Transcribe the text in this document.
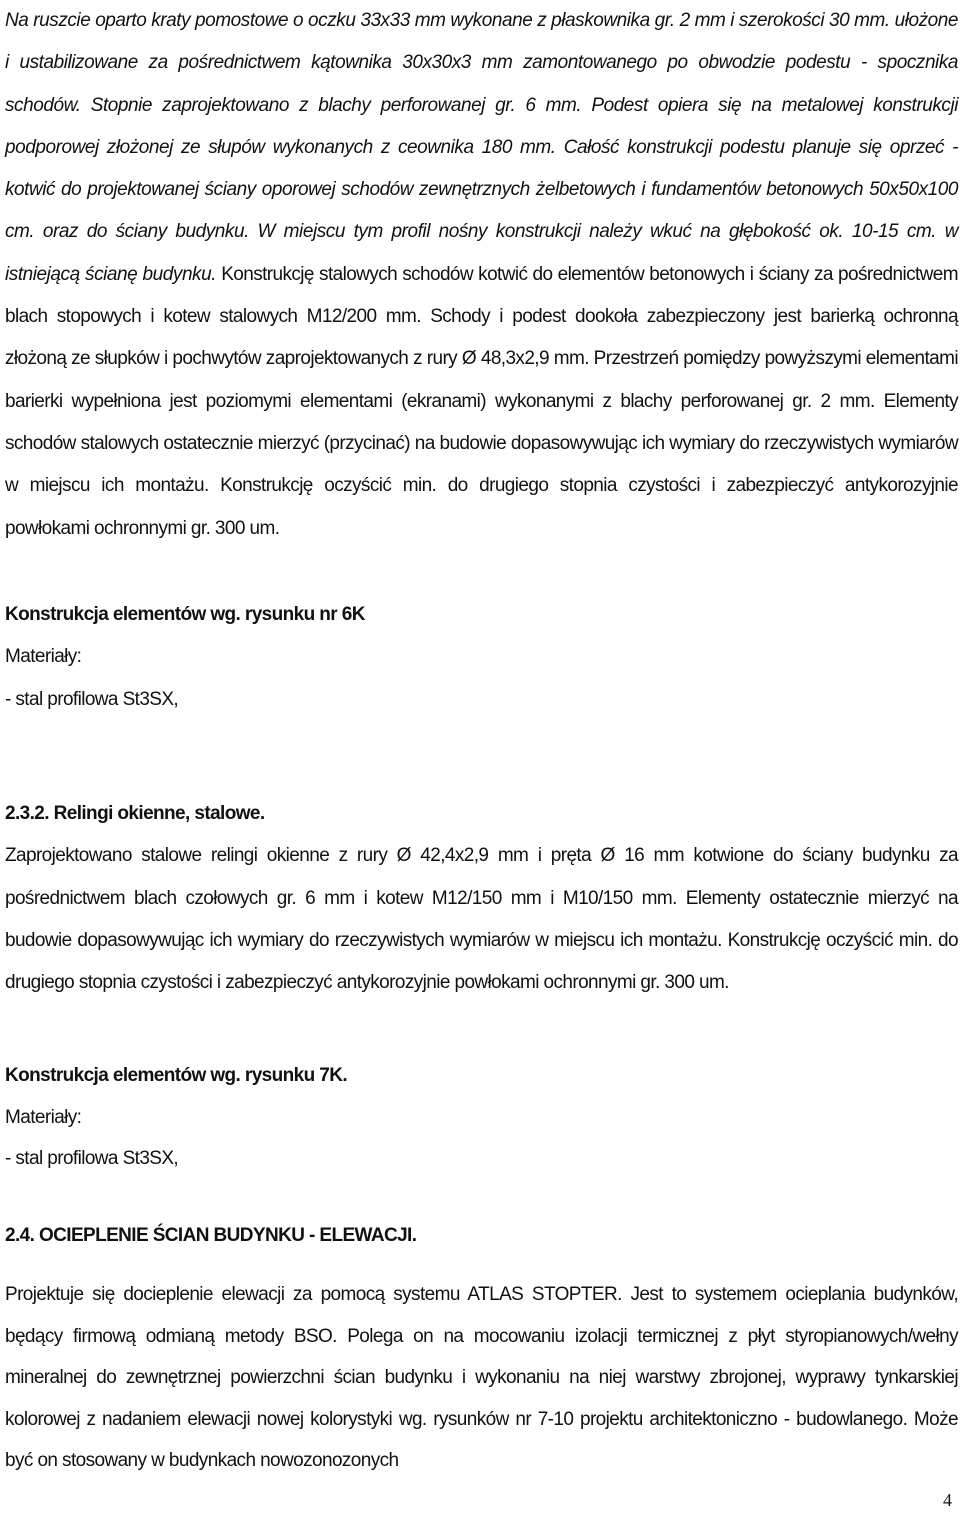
Na ruszcie oparto kraty pomostowe o oczku 33x33 mm wykonane z płaskownika gr. 2 mm i szerokości 30 mm. ułożone i ustabilizowane za pośrednictwem kątownika 30x30x3 mm zamontowanego po obwodzie podestu - spocznika schodów. Stopnie zaprojektowano z blachy perforowanej gr. 6 mm. Podest opiera się na metalowej konstrukcji podporowej złożonej ze słupów wykonanych z ceownika 180 mm. Całość konstrukcji podestu planuje się oprzeć - kotwić do projektowanej ściany oporowej schodów zewnętrznych żelbetowych i fundamentów betonowych 50x50x100 cm. oraz do ściany budynku. W miejscu tym profil nośny konstrukcji należy wkuć na głębokość ok. 10-15 cm. w istniejącą ścianę budynku. Konstrukcję stalowych schodów kotwić do elementów betonowych i ściany za pośrednictwem blach stopowych i kotew stalowych M12/200 mm. Schody i podest dookoła zabezpieczony jest barierką ochronną złożoną ze słupków i pochwytów zaprojektowanych z rury Ø 48,3x2,9 mm. Przestrzeń pomiędzy powyższymi elementami barierki wypełniona jest poziomymi elementami (ekranami) wykonanymi z blachy perforowanej gr. 2 mm. Elementy schodów stalowych ostatecznie mierzyć (przycinać) na budowie dopasowywując ich wymiary do rzeczywistych wymiarów w miejscu ich montażu. Konstrukcję oczyścić min. do drugiego stopnia czystości i zabezpieczyć antykorozyjnie powłokami ochronnymi gr. 300 um.

Konstrukcja elementów wg. rysunku nr 6K
Materiały:
- stal profilowa St3SX,
2.3.2. Relingi okienne, stalowe.
Zaprojektowano stalowe relingi okienne z rury Ø 42,4x2,9 mm i pręta Ø 16 mm kotwione do ściany budynku za pośrednictwem blach czołowych gr. 6 mm i kotew M12/150 mm i M10/150 mm. Elementy ostatecznie mierzyć na budowie dopasowywując ich wymiary do rzeczywistych wymiarów w miejscu ich montażu. Konstrukcję oczyścić min. do drugiego stopnia czystości i zabezpieczyć antykorozyjnie powłokami ochronnymi gr. 300 um.
Konstrukcja elementów wg. rysunku 7K.
Materiały:
- stal profilowa St3SX,
2.4. OCIEPLENIE ŚCIAN BUDYNKU - ELEWACJI.

Projektuje się docieplenie elewacji za pomocą systemu ATLAS STOPTER. Jest to systemem ocieplania budynków, będący firmową odmianą metody BSO. Polega on na mocowaniu izolacji termicznej z płyt styropianowych/wełny mineralnej do zewnętrznej powierzchni ścian budynku i wykonaniu na niej warstwy zbrojonej, wyprawy tynkarskiej kolorowej z nadaniem elewacji nowej kolorystyki wg. rysunków nr 7-10 projektu architektoniczno - budowlanego. Może być on stosowany w budynkach nowozonozonych

4
